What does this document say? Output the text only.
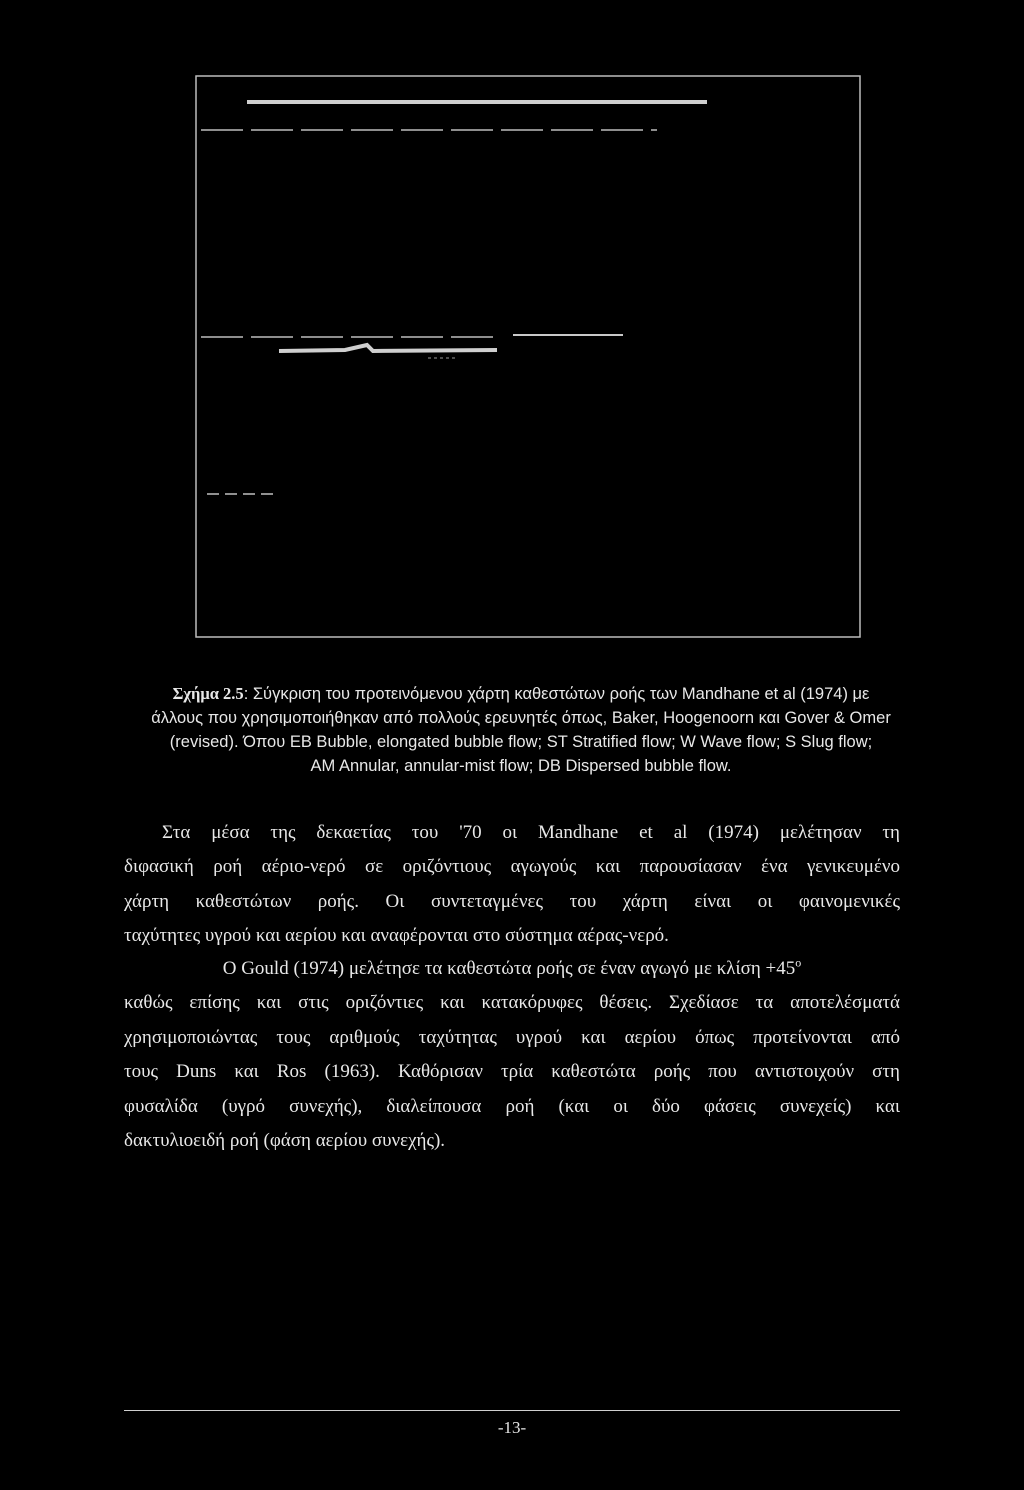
Σχήμα 2.5: Σύγκριση του προτεινόμενου χάρτη καθεστώτων ροής των Mandhane et al (1974) με
άλλους που χρησιμοποιήθηκαν από πολλούς ερευνητές όπως, Baker, Hoogenoorn και Gover & Omer
(revised). Όπου EB Bubble, elongated bubble flow; ST Stratified flow; W Wave flow; S Slug flow;
AM Annular, annular-mist flow; DB Dispersed bubble flow.
Στα μέσα της δεκαετίας του '70 οι Mandhane et al (1974) μελέτησαν τη
διφασική ροή αέριο-νερό σε οριζόντιους αγωγούς και παρουσίασαν ένα γενικευμένο
χάρτη καθεστώτων ροής. Οι συντεταγμένες του χάρτη είναι οι φαινομενικές
ταχύτητες υγρού και αερίου και αναφέρονται στο σύστημα αέρας-νερό.
Ο Gould (1974) μελέτησε τα καθεστώτα ροής σε έναν αγωγό με $\kappa\lambda ί\sigma\eta +45^o$
καθώς επίσης και στις οριζόντιες και κατακόρυφες θέσεις. Σχεδίασε τα αποτελέσματά
χρησιμοποιώντας τους αριθμούς ταχύτητας υγρού και αερίου όπως προτείνονται από
τους Duns και Ros (1963). Καθόρισαν τρία καθεστώτα ροής που αντιστοιχούν στη
φυσαλίδα (υγρό συνεχής), διαλείπουσα ροή (και οι δύο φάσεις συνεχείς) και
δακτυλιοειδή ροή (φάση αερίου συνεχής).
-13-
